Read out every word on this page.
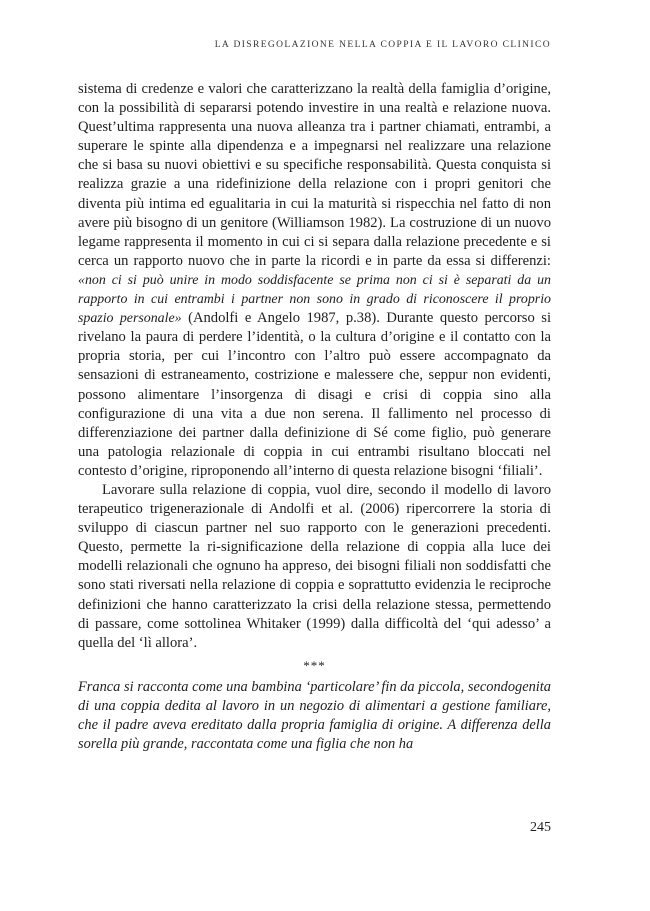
LA DISREGOLAZIONE NELLA COPPIA E IL LAVORO CLINICO

sistema di credenze e valori che caratterizzano la realtà della famiglia d’origine, con la possibilità di separarsi potendo investire in una realtà e relazione nuova. Quest’ultima rappresenta una nuova alleanza tra i partner chiamati, entrambi, a superare le spinte alla dipendenza e a impegnarsi nel realizzare una relazione che si basa su nuovi obiettivi e su specifiche responsabilità. Questa conquista si realizza grazie a una ridefinizione della relazione con i propri genitori che diventa più intima ed egualitaria in cui la maturità si rispecchia nel fatto di non avere più bisogno di un genitore (Williamson 1982). La costruzione di un nuovo legame rappresenta il momento in cui ci si separa dalla relazione precedente e si cerca un rapporto nuovo che in parte la ricordi e in parte da essa si differenzi: «non ci si può unire in modo soddisfacente se prima non ci si è separati da un rapporto in cui entrambi i partner non sono in grado di riconoscere il proprio spazio personale» (Andolfi e Angelo 1987, p.38). Durante questo percorso si rivelano la paura di perdere l’identità, o la cultura d’origine e il contatto con la propria storia, per cui l’incontro con l’altro può essere accompagnato da sensazioni di estraneamento, costrizione e malessere che, seppur non evidenti, possono alimentare l’insorgenza di disagi e crisi di coppia sino alla configurazione di una vita a due non serena. Il fallimento nel processo di differenziazione dei partner dalla definizione di Sé come figlio, può generare una patologia relazionale di coppia in cui entrambi risultano bloccati nel contesto d’origine, riproponendo all’interno di questa relazione bisogni ‘filiali’.

Lavorare sulla relazione di coppia, vuol dire, secondo il modello di lavoro terapeutico trigenerazionale di Andolfi et al. (2006) ripercorrere la storia di sviluppo di ciascun partner nel suo rapporto con le generazioni precedenti. Questo, permette la ri-significazione della relazione di coppia alla luce dei modelli relazionali che ognuno ha appreso, dei bisogni filiali non soddisfatti che sono stati riversati nella relazione di coppia e soprattutto evidenzia le reciproche definizioni che hanno caratterizzato la crisi della relazione stessa, permettendo di passare, come sottolinea Whitaker (1999) dalla difficoltà del ‘qui adesso’ a quella del ‘lì allora’.

***

Franca si racconta come una bambina ‘particolare’ fin da piccola, secondogenita di una coppia dedita al lavoro in un negozio di alimentari a gestione familiare, che il padre aveva ereditato dalla propria famiglia di origine. A differenza della sorella più grande, raccontata come una figlia che non ha

245
